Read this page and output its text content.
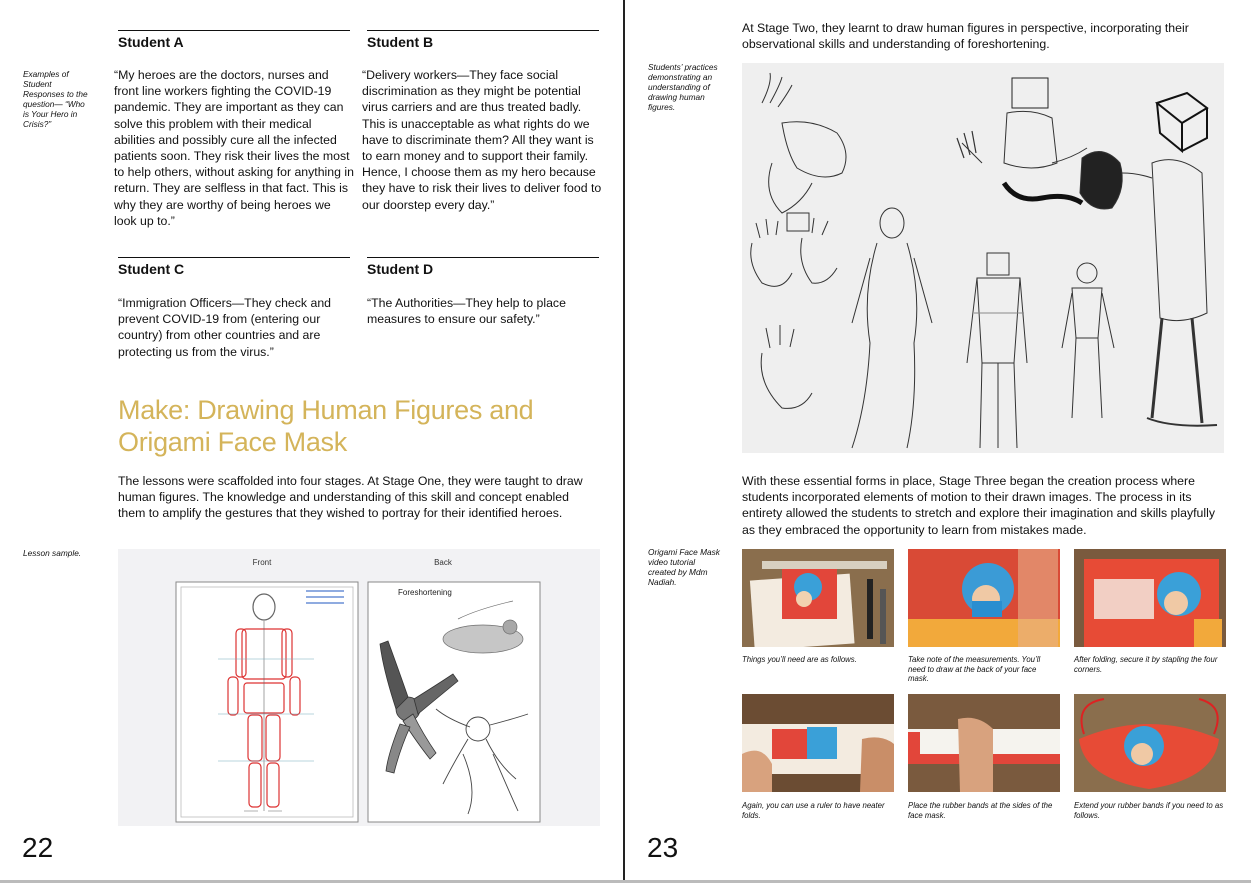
Examples of Student Responses to the question— “Who is Your Hero in Crisis?”
Student A
“My heroes are the doctors, nurses and front line workers fighting the COVID-19 pandemic. They are important as they can solve this problem with their medical abilities and possibly cure all the infected patients soon. They risk their lives the most to help others, without asking for anything in return. They are selfless in that fact. This is why they are worthy of being heroes we look up to.”
Student B
“Delivery workers—They face social discrimination as they might be potential virus carriers and are thus treated badly. This is unacceptable as what rights do we have to discriminate them? All they want is to earn money and to support their family. Hence, I choose them as my hero because they have to risk their lives to deliver food to our doorstep every day.”
Student C
“Immigration Officers—They check and prevent COVID-19 from (entering our country) from other countries and are protecting us from the virus.”
Student D
“The Authorities—They help to place measures to ensure our safety.”
Make: Drawing Human Figures and Origami Face Mask
The lessons were scaffolded into four stages. At Stage One, they were taught to draw human figures. The knowledge and understanding of this skill and concept enabled them to amplify the gestures that they wished to portray for their identified heroes.
Lesson sample.
Front	Back
Foreshortening
22
At Stage Two, they learnt to draw human figures in perspective, incorporating their observational skills and understanding of foreshortening.
Students’ practices demonstrating an understanding of drawing human figures.
With these essential forms in place, Stage Three began the creation process where students incorporated elements of motion to their drawn images. The process in its entirety allowed the students to stretch and explore their imagination and skills playfully as they embraced the opportunity to learn from mistakes made.
Origami Face Mask video tutorial created by Mdm Nadiah.
Things you’ll need are as follows.	Take note of the measurements. You’ll need to draw at the back of your face mask.
After folding, secure it by stapling the four corners.
Again, you can use a ruler to have neater folds.
Place the rubber bands at the sides of the face mask.
Extend your rubber bands if you need to as follows.
23
